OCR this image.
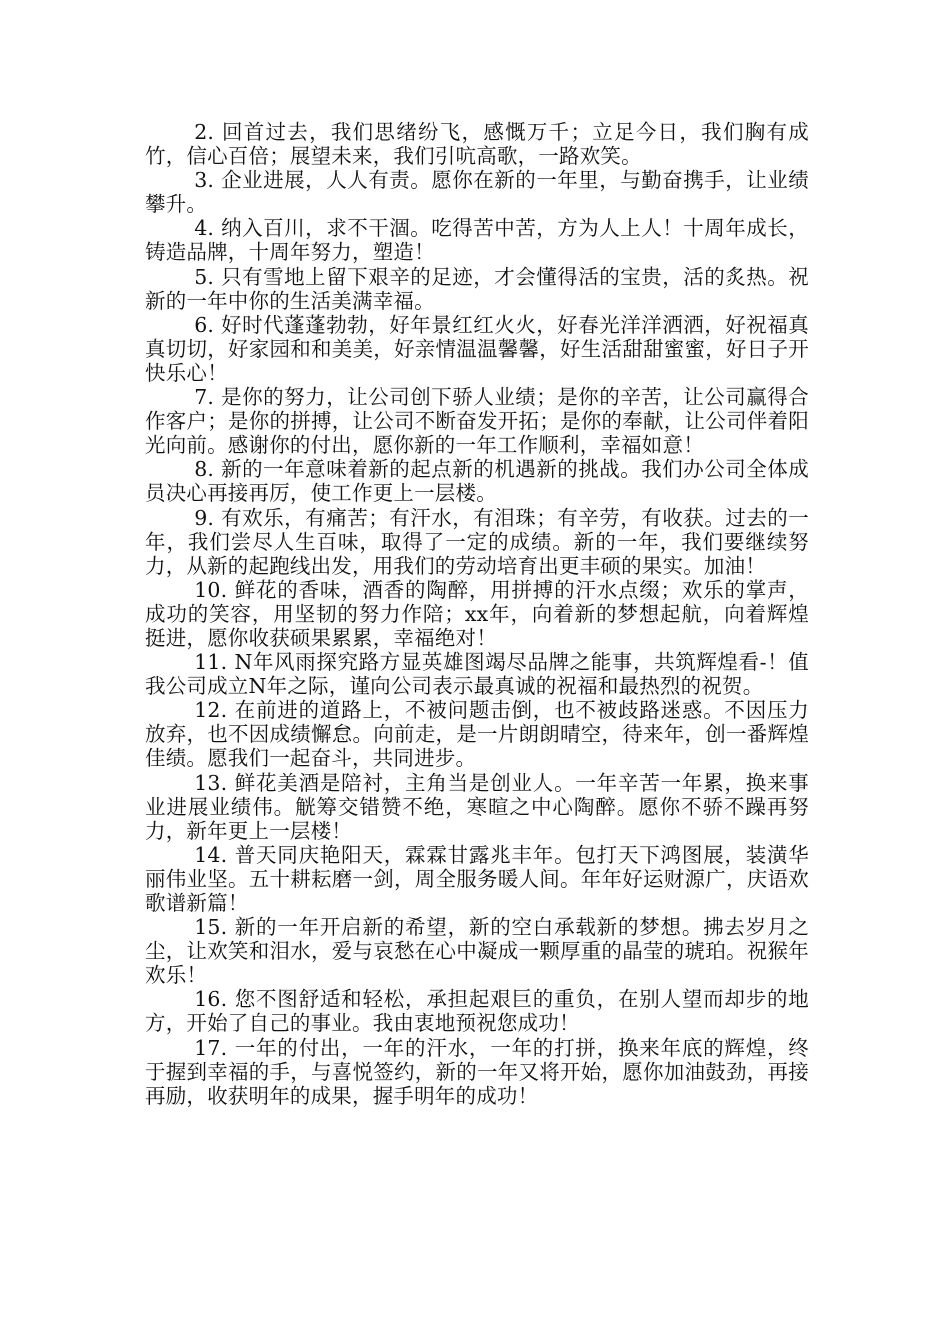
2. 回首过去，我们思绪纷飞，感慨万千；立足今日，我们胸有成竹，信心百倍；展望未来，我们引吭高歌，一路欢笑。

3. 企业进展，人人有责。愿你在新的一年里，与勤奋携手，让业绩攀升。

4. 纳入百川，求不干涸。吃得苦中苦，方为人上人！十周年成长，铸造品牌，十周年努力，塑造！

5. 只有雪地上留下艰辛的足迹，才会懂得活的宝贵，活的炙热。祝新的一年中你的生活美满幸福。

6. 好时代蓬蓬勃勃，好年景红红火火，好春光洋洋洒洒，好祝福真真切切，好家园和和美美，好亲情温温馨馨，好生活甜甜蜜蜜，好日子开快乐心！

7. 是你的努力，让公司创下骄人业绩；是你的辛苦，让公司赢得合作客户；是你的拼搏，让公司不断奋发开拓；是你的奉献，让公司伴着阳光向前。感谢你的付出，愿你新的一年工作顺利，幸福如意！

8. 新的一年意味着新的起点新的机遇新的挑战。我们办公司全体成员决心再接再厉，使工作更上一层楼。

9. 有欢乐，有痛苦；有汗水，有泪珠；有辛劳，有收获。过去的一年，我们尝尽人生百味，取得了一定的成绩。新的一年，我们要继续努力，从新的起跑线出发，用我们的劳动培育出更丰硕的果实。加油！

10. 鲜花的香味，酒香的陶醉，用拼搏的汗水点缀；欢乐的掌声，成功的笑容，用坚韧的努力作陪；xx年，向着新的梦想起航，向着辉煌挺进，愿你收获硕果累累，幸福绝对！

11. N年风雨探究路方显英雄图竭尽品牌之能事，共筑辉煌看-！值我公司成立N年之际，谨向公司表示最真诚的祝福和最热烈的祝贺。

12. 在前进的道路上，不被问题击倒，也不被歧路迷惑。不因压力放弃，也不因成绩懈怠。向前走，是一片朗朗晴空，待来年，创一番辉煌佳绩。愿我们一起奋斗，共同进步。

13. 鲜花美酒是陪衬，主角当是创业人。一年辛苦一年累，换来事业进展业绩伟。觥筹交错赞不绝，寒暄之中心陶醉。愿你不骄不躁再努力，新年更上一层楼！

14. 普天同庆艳阳天，霖霖甘露兆丰年。包打天下鸿图展，装潢华丽伟业坚。五十耕耘磨一剑，周全服务暖人间。年年好运财源广，庆语欢歌谱新篇！

15. 新的一年开启新的希望，新的空白承载新的梦想。拂去岁月之尘，让欢笑和泪水，爱与哀愁在心中凝成一颗厚重的晶莹的琥珀。祝猴年欢乐！

16. 您不图舒适和轻松，承担起艰巨的重负，在别人望而却步的地方，开始了自己的事业。我由衷地预祝您成功！

17. 一年的付出，一年的汗水，一年的打拼，换来年底的辉煌，终于握到幸福的手，与喜悦签约，新的一年又将开始，愿你加油鼓劲，再接再励，收获明年的成果，握手明年的成功！
